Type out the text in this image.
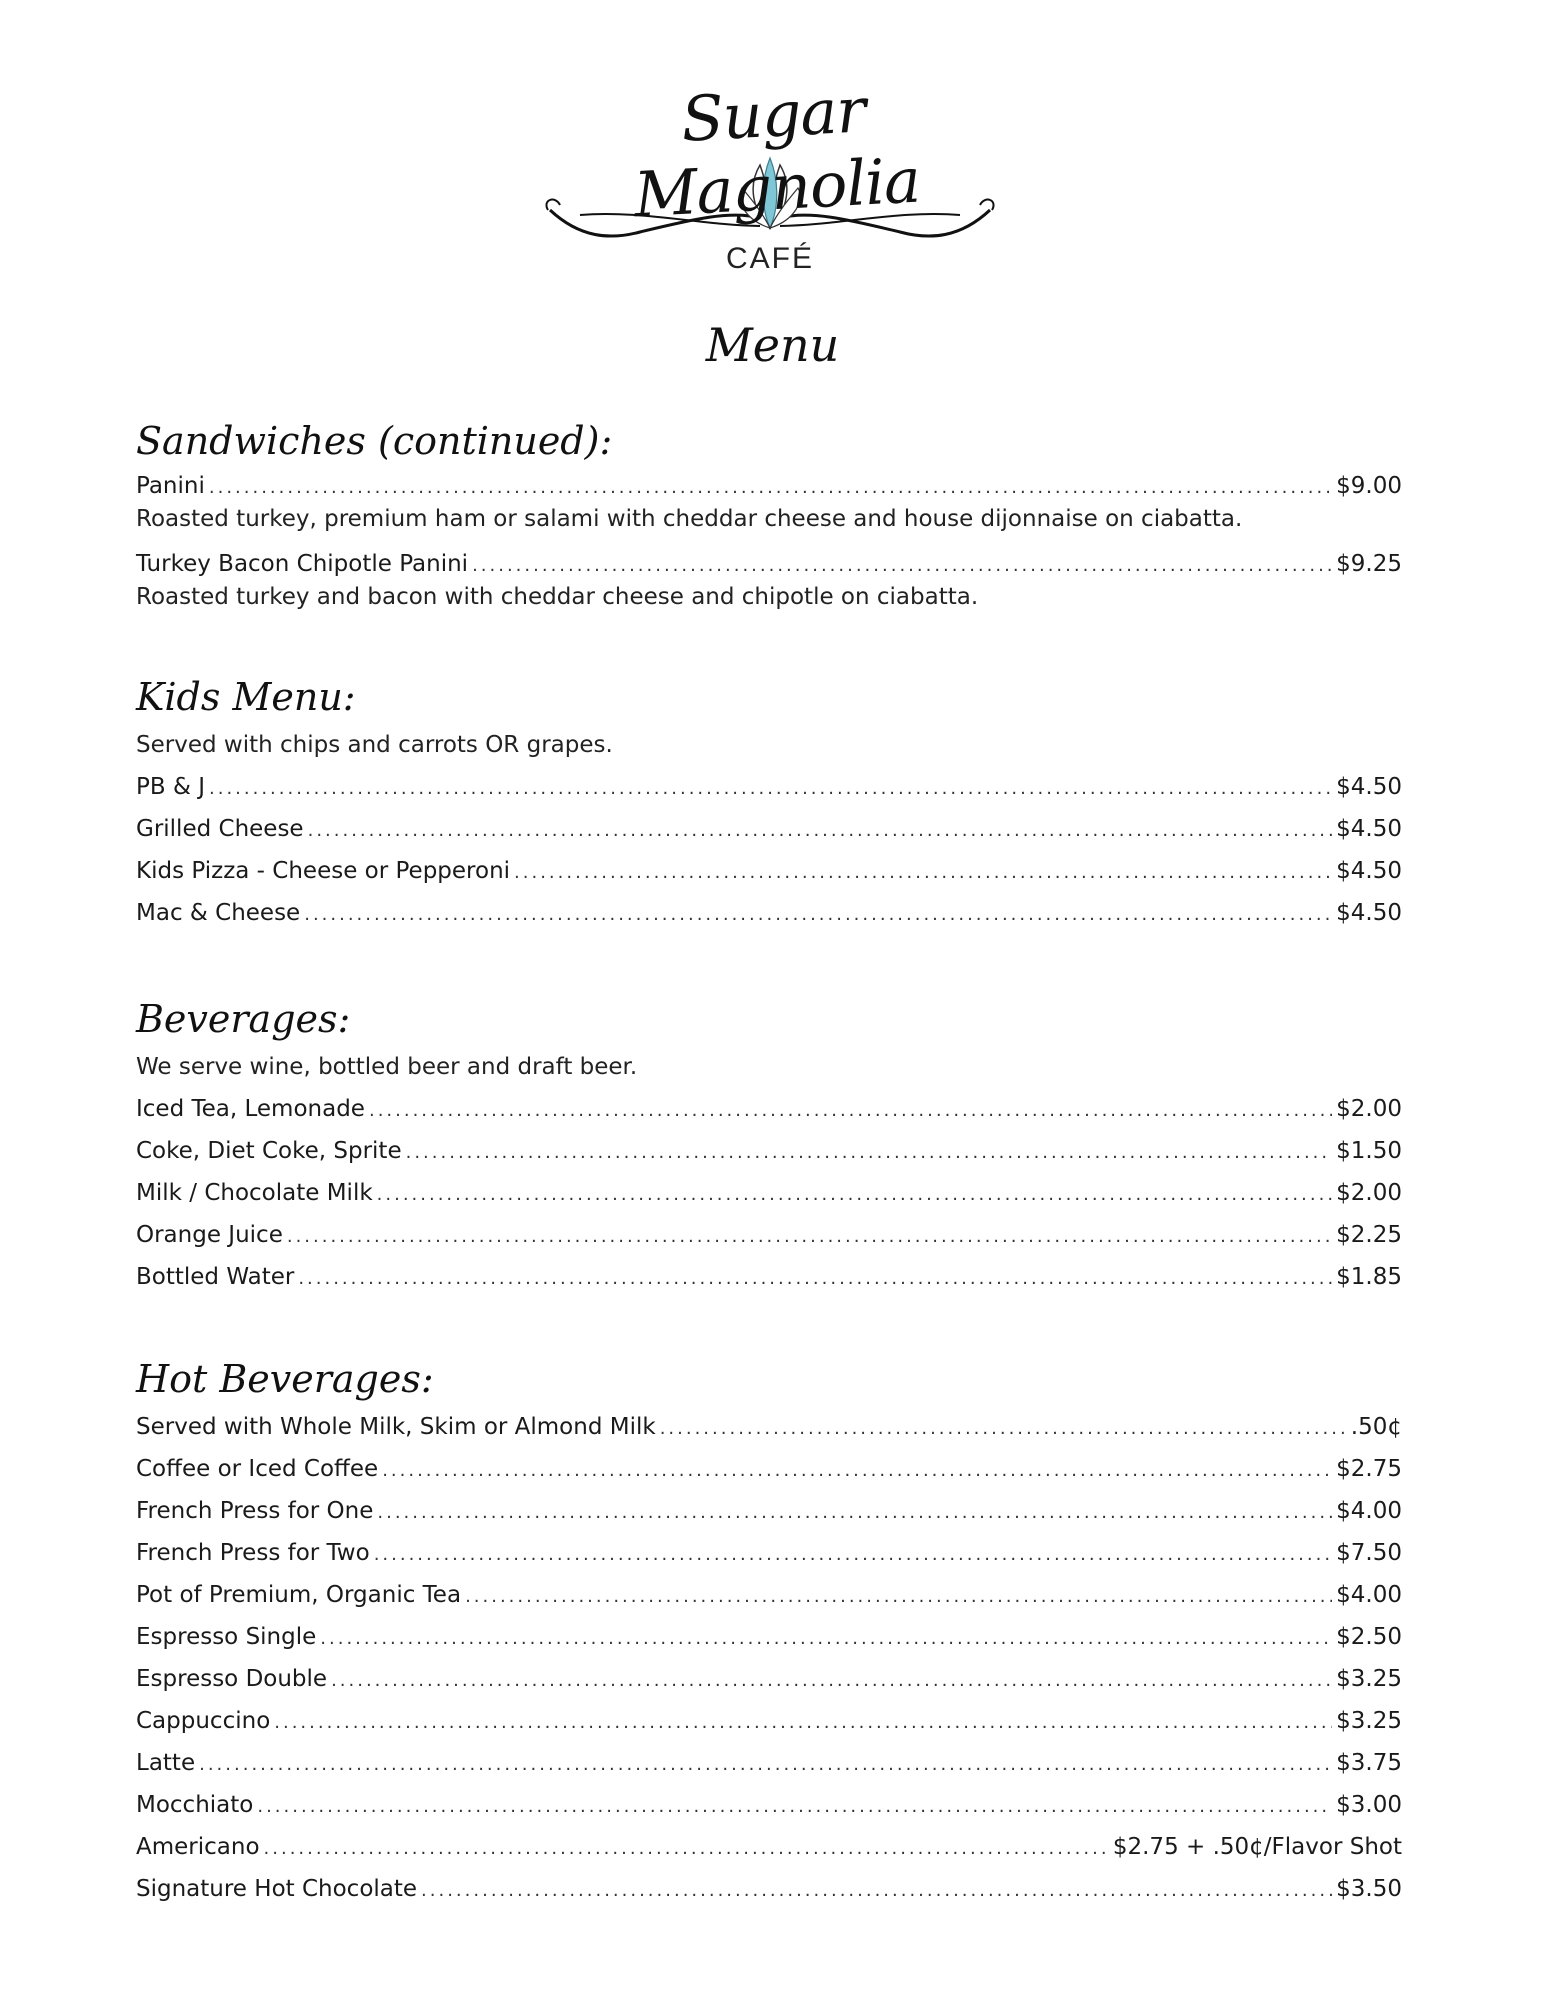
Sugar Magnolia
CAFÉ
Menu
Sandwiches (continued):
Panini .....	$9.00
Roasted turkey, premium ham or salami with cheddar cheese and house dijonnaise on ciabatta.
Turkey Bacon Chipotle Panini .....	$9.25
Roasted turkey and bacon with cheddar cheese and chipotle on ciabatta.
Kids Menu:
Served with chips and carrots OR grapes.
PB & J .....	$4.50
Grilled Cheese .....	$4.50
Kids Pizza - Cheese or Pepperoni .....	$4.50
Mac & Cheese .....	$4.50
Beverages:
We serve wine, bottled beer and draft beer.
Iced Tea, Lemonade .....	$2.00
Coke, Diet Coke, Sprite .....	$1.50
Milk / Chocolate Milk .....	$2.00
Orange Juice .....	$2.25
Bottled Water .....	$1.85
Hot Beverages:
Served with Whole Milk, Skim or Almond Milk .....	.50¢
Coffee or Iced Coffee .....	$2.75
French Press for One .....	$4.00
French Press for Two .....	$7.50
Pot of Premium, Organic Tea .....	$4.00
Espresso Single .....	$2.50
Espresso Double .....	$3.25
Cappuccino .....	$3.25
Latte .....	$3.75
Mocchiato .....	$3.00
Americano .....	$2.75 + .50¢/Flavor Shot
Signature Hot Chocolate .....	$3.50
